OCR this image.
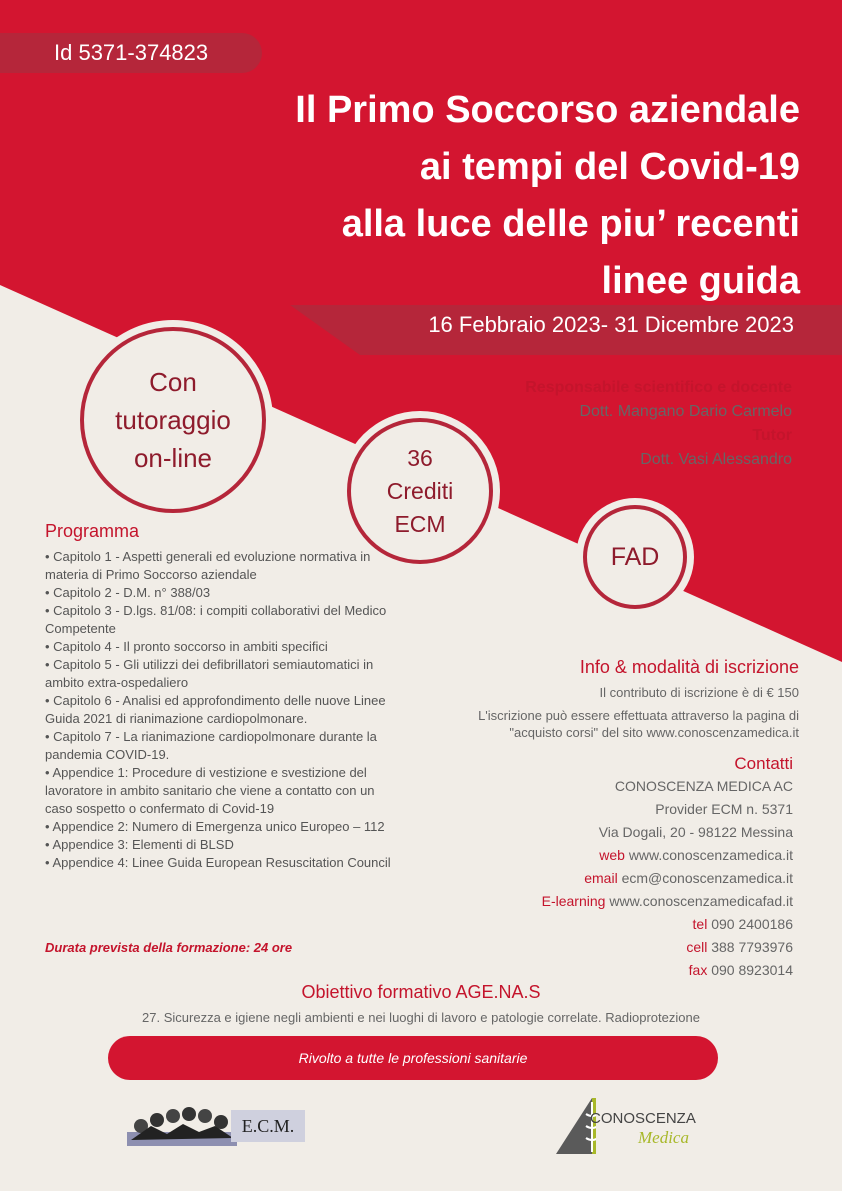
Id 5371-374823
Il Primo Soccorso aziendale
ai tempi del Covid-19
alla luce delle piu’ recenti
linee guida
16 Febbraio 2023- 31 Dicembre 2023
Con
tutoraggio
on-line	36
Crediti
ECM
FAD
Responsabile scientifico e docente
Dott. Mangano Dario Carmelo
Tutor
Dott. Vasi Alessandro
Programma
• Capitolo 1 - Aspetti generali ed evoluzione normativa in materia di Primo Soccorso aziendale
• Capitolo 2 - D.M. n° 388/03
• Capitolo 3 - D.lgs. 81/08: i compiti collaborativi del Medico Competente
• Capitolo 4 - Il pronto soccorso in ambiti specifici
• Capitolo 5 - Gli utilizzi dei defibrillatori semiautomatici in ambito extra-ospedaliero
• Capitolo 6 - Analisi ed approfondimento delle nuove Linee Guida 2021 di rianimazione cardiopolmonare.
• Capitolo 7 - La rianimazione cardiopolmonare durante la pandemia COVID-19.
• Appendice 1: Procedure di vestizione e svestizione del lavoratore in ambito sanitario che viene a contatto con un caso sospetto o confermato di Covid-19
• Appendice 2: Numero di Emergenza unico Europeo – 112
• Appendice 3: Elementi di BLSD
• Appendice 4: Linee Guida European Resuscitation Council
Durata prevista della formazione: 24 ore
Info & modalità di iscrizione
Il contributo di iscrizione è di € 150
L'iscrizione può essere effettuata attraverso la pagina di "acquisto corsi" del sito www.conoscenzamedica.it
Contatti
CONOSCENZA MEDICA AC
Provider ECM n. 5371
Via Dogali, 20 - 98122 Messina
web www.conoscenzamedica.it
email ecm@conoscenzamedica.it
E-learning www.conoscenzamedicafad.it
tel 090 2400186
cell 388 7793976
fax 090 8923014
Obiettivo formativo AGE.NA.S
27. Sicurezza e igiene negli ambienti e nei luoghi di lavoro e patologie correlate. Radioprotezione
Rivolto a tutte le professioni sanitarie
E.C.M.	CONOSCENZA
Medica
